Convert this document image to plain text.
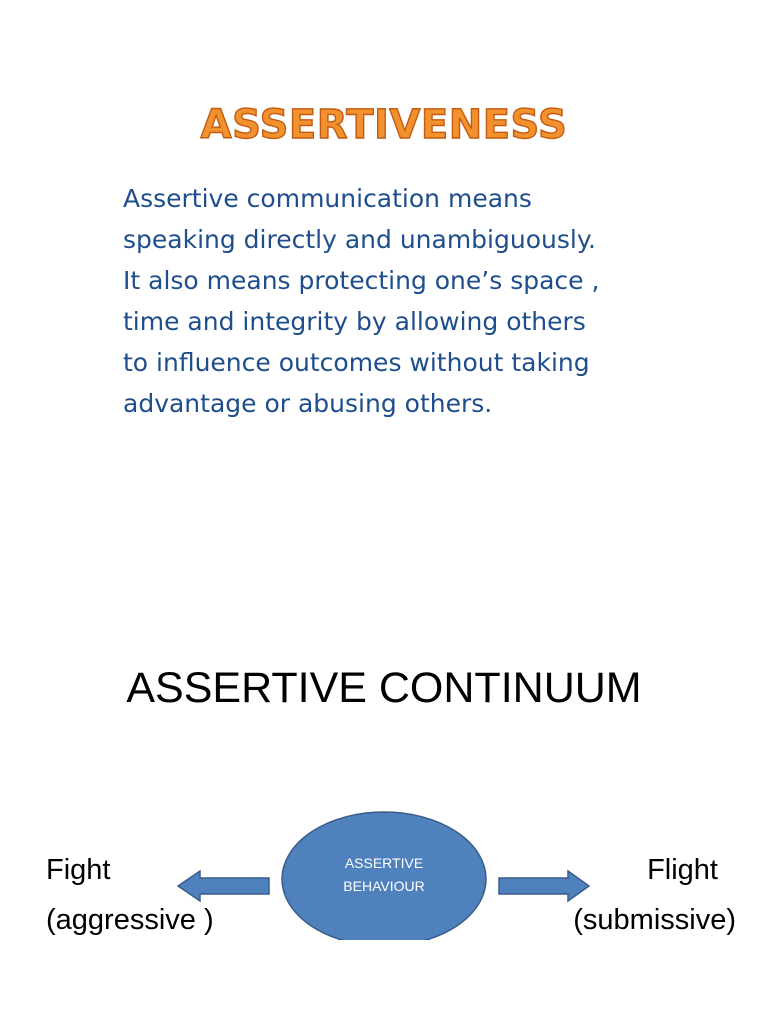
ASSERTIVENESS
Assertive communication means
speaking directly and unambiguously.
It also means protecting one’s space ,
time and integrity by allowing others
to influence outcomes without taking
advantage or abusing others.
ASSERTIVE CONTINUUM
Fight
(aggressive )
Flight
(submissive)
ASSERTIVE
BEHAVIOUR
